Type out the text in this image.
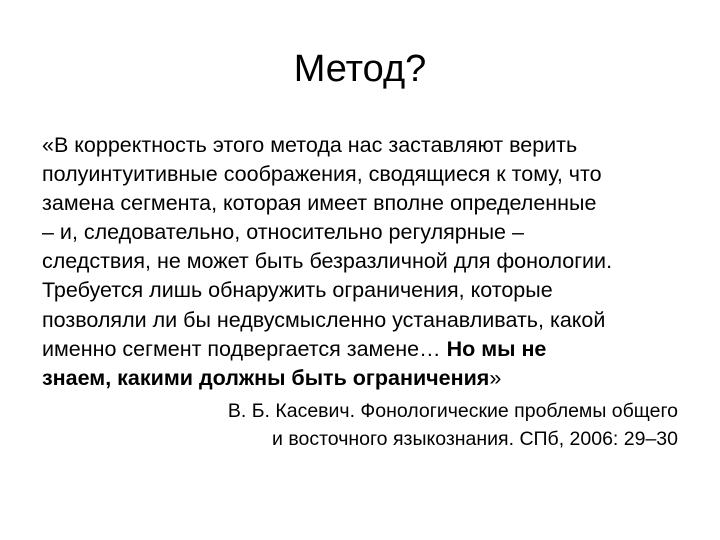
Метод?

«В корректность этого метода нас заставляют верить
полуинтуитивные соображения, сводящиеся к тому, что
замена сегмента, которая имеет вполне определенные
– и, следовательно, относительно регулярные –
следствия, не может быть безразличной для фонологии.
Требуется лишь обнаружить ограничения, которые
позволяли ли бы недвусмысленно устанавливать, какой
именно сегмент подвергается замене… Но мы не
знаем, какими должны быть ограничения»

В. Б. Касевич. Фонологические проблемы общего
и восточного языкознания. СПб, 2006: 29–30
